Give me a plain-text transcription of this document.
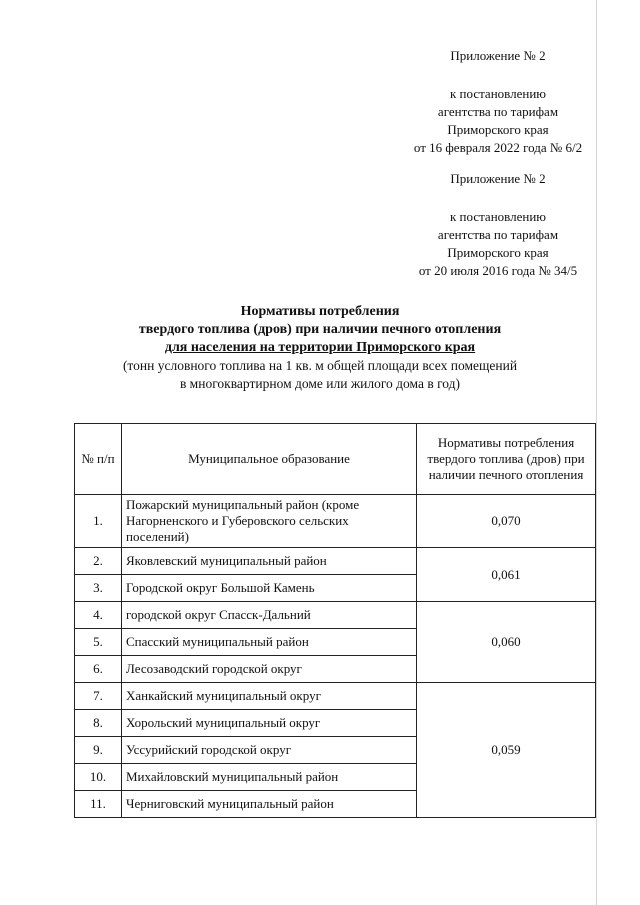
Приложение № 2
к постановлению
агентства по тарифам
Приморского края
от 16 февраля 2022 года № 6/2
Приложение № 2
к постановлению
агентства по тарифам
Приморского края
от 20 июля 2016 года № 34/5
Нормативы потребления
твердого топлива (дров) при наличии печного отопления
для населения на территории Приморского края
(тонн условного топлива на 1 кв. м общей площади всех помещений
в многоквартирном доме или жилого дома в год)
№ п/п	Муниципальное образование	Нормативы потребления твердого топлива (дров) при наличии печного отопления
1.	Пожарский муниципальный район (кроме Нагорненского и Губеровского сельских поселений)	0,070
2.	Яковлевский муниципальный район	0,061
3.	Городской округ Большой Камень	
4.	городской округ Спасск-Дальний	0,060
5.	Спасский муниципальный район	
6.	Лесозаводский городской округ	
7.	Ханкайский муниципальный округ	0,059
8.	Хорольский муниципальный округ	
9.	Уссурийский городской округ	
10.	Михайловский муниципальный район	
11.	Черниговский муниципальный район	
